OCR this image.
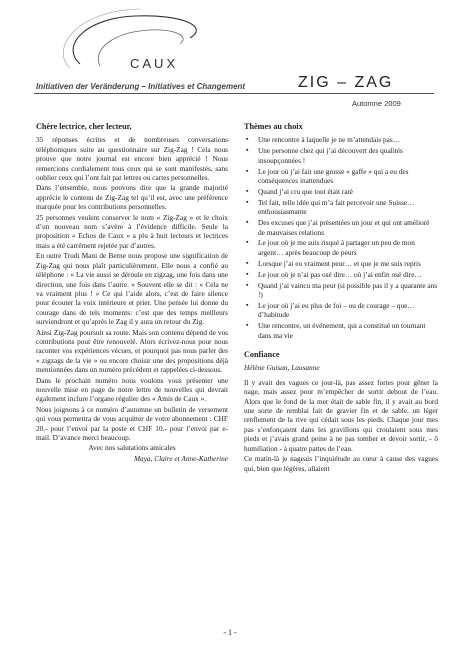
CAUX
Initiativen der Veränderung – Initiatives et Changement	ZIG – ZAG
Automne 2009
Chère lectrice, cher lecteur,
35 réponses écrites et de nombreuses conversations téléphoniques suite au questionnaire sur Zig-Zag ! Cela nous prouve que notre journal est encore bien apprécié ! Nous remercions cordialement tous ceux qui se sont manifestés, sans oublier ceux qui l’ont fait par lettres ou cartes personnelles.
Dans l’ensemble, nous pouvons dire que la grande majorité apprécie le contenu de Zig-Zag tel qu’il est, avec une préférence marquée pour les contributions personnelles.
25 personnes veulent conserver le nom « Zig-Zag » et le choix d’un nouveau nom s’avère à l’évidence difficile. Seule la proposition « Echos de Caux » a plu à huit lecteurs et lectrices mais a été carrément rejetée par d’autres.
En outre Trudi Mani de Berne nous propose une signification de Zig-Zag qui nous plaît particulièrement. Elle nous a confié au téléphone : « La vie aussi se déroule en zigzag, une fois dans une direction, une fois dans l’autre. » Souvent elle se dit : « Cela ne va vraiment plus ! » Ce qui l’aide alors, c’est de faire silence pour écouter la voix intérieure et prier. Une pensée lui donne du courage dans de tels moments: c’est que des temps meilleurs surviendront et qu’après le Zag il y aura un retour du Zig.
Ainsi Zig-Zag poursuit sa route. Mais son contenu dépend de vos contributions pour être renouvelé. Alors écrivez-nous pour nous raconter vos expériences vécues, et pourquoi pas nous parler des « zigzags de la vie » ou encore choisir une des propositions déjà mentionnées dans un numéro précédent et rappelées ci-dessous.
Dans le prochain numéro nous voulons vous présenter une nouvelle mise en page de notre lettre de nouvelles qui devrait également inclure l’organe régulier des « Amis de Caux ».
Nous joignons à ce numéro d’automne un bulletin de versement qui vous permettra de vous acquitter de votre abonnement : CHF 20.- pour l’envoi par la poste et CHF 10.- pour l’envoi par e-mail. D’avance merci beaucoup.
Avec nos salutations amicales
Maya, Claire et Anne-Katherine
Thèmes au choix
▪ Une rencontre à laquelle je ne m’attendais pas…
▪ Une personne chez qui j’ai découvert des qualités insoupçonnées !
▪ Le jour où j’ai fait une grosse « gaffe » qui a eu des conséquences inattendues
▪ Quand j’ai cru que tout était raté
▪ Tel fait, telle idée qui m’a fait percevoir une Suisse… enthousiasmante
▪ Des excuses que j’ai présentées un jour et qui ont amélioré de mauvaises relations
▪ Le jour où je me suis risqué à partager un peu de mon argent… après beaucoup de peurs
▪ Lorsque j’ai eu vraiment peur… et que je me suis repris
▪ Le jour où je n’ai pas osé dire… où j’ai enfin osé dire…
▪ Quand j’ai vaincu ma peur (si possible pas il y a quarante ans !)
▪ Le jour où j’ai eu plus de foi – ou de courage – que… d’habitude
▪ Une rencontre, un événement, qui a constitué un tournant dans ma vie
Confiance
Hélène Guisan, Lausanne
Il y avait des vagues ce jour-là, pas assez fortes pour gêner la nage, mais assez pour m’empêcher de sortir debout de l’eau. Alors que le fond de la mer était de sable fin, il y avait au bord une sorte de remblai fait de gravier fin et de sable, un léger renflement de la rive qui cédait sous les pieds. Chaque jour mes pas s’enfonçaient dans les gravillons qui croulaient sous mes pieds et j’avais grand peine à ne pas tomber et devoir sortir, - ô humiliation - à quatre pattes de l’eau.
Ce matin-là je nageais l’inquiétude au cœur à cause des vagues qui, bien que légères, allaient
- 1 -
